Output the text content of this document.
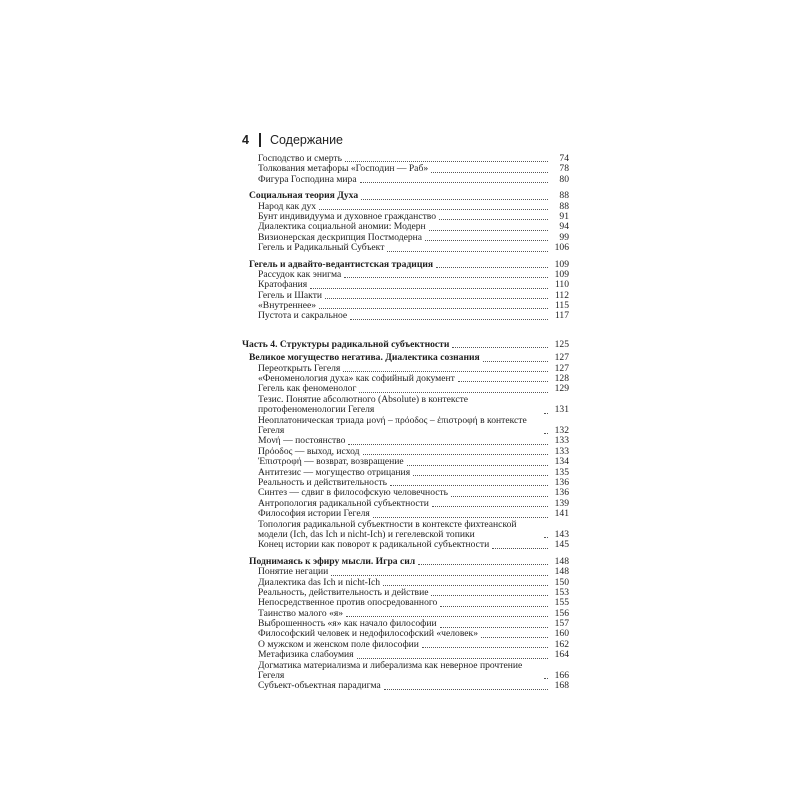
4 Содержание
Господство и смерть	74
Толкования метафоры «Господин — Раб»	78
Фигура Господина мира	80
Социальная теория Духа	88
Народ как дух	88
Бунт индивидуума и духовное гражданство	91
Диалектика социальной аномии: Модерн	94
Визионерская дескрипция Постмодерна	99
Гегель и Радикальный Субъект	106
Гегель и адвайто-ведантистская традиция	109
Рассудок как энигма	109
Кратофания	110
Гегель и Шакти	112
«Внутреннее»	115
Пустота и сакральное	117
Часть 4. Структуры радикальной субъектности	125
Великое могущество негатива. Диалектика сознания	127
Переоткрыть Гегеля	127
«Феноменология духа» как софийный документ	128
Гегель как феноменолог	129
Тезис. Понятие абсолютного (Absolute) в контексте протофеноменологии Гегеля	131
Неоплатоническая триада μονή – πρόοδος – ἐπιστροφή в контексте Гегеля	132
Μονή — постоянство	133
Πρόοδος — выход, исход	133
Ἐπιστροφή — возврат, возвращение	134
Антитезис — могущество отрицания	135
Реальность и действительность	136
Синтез — сдвиг в философскую человечность	136
Антропология радикальной субъектности	139
Философия истории Гегеля	141
Топология радикальной субъектности в контексте фихтеанской модели (Ich, das Ich и nicht-Ich) и гегелевской топики	143
Конец истории как поворот к радикальной субъектности	145
Поднимаясь к эфиру мысли. Игра сил	148
Понятие негации	148
Диалектика das Ich и nicht-Ich	150
Реальность, действительность и действие	153
Непосредственное против опосредованного	155
Таинство малого «я»	156
Выброшенность «я» как начало философии	157
Философский человек и недофилософский «человек»	160
О мужском и женском поле философии	162
Метафизика слабоумия	164
Догматика материализма и либерализма как неверное прочтение Гегеля	166
Субъект-объектная парадигма	168
